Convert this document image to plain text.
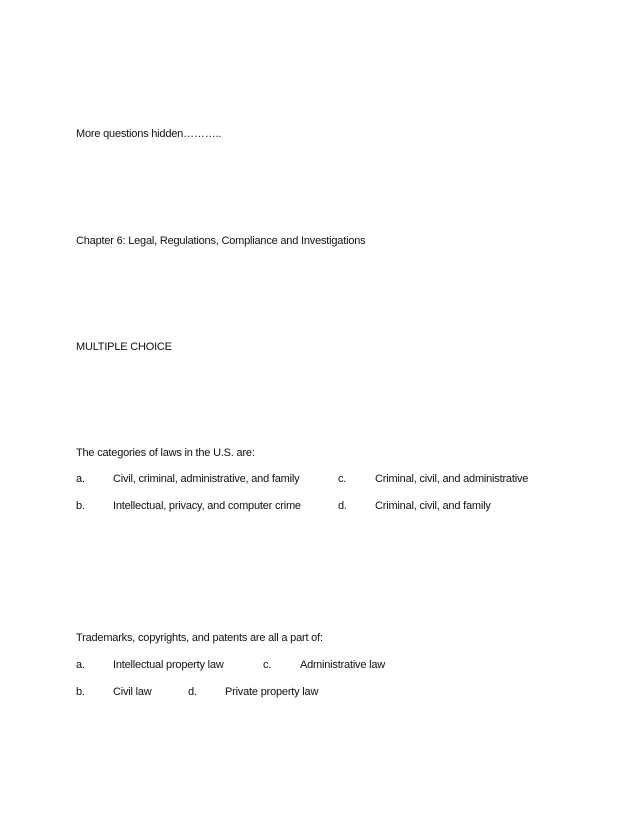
More questions hidden………..
Chapter 6: Legal, Regulations, Compliance and Investigations
MULTIPLE CHOICE
The categories of laws in the U.S. are:
a.	Civil, criminal, administrative, and family	c.	Criminal, civil, and administrative
b.	Intellectual, privacy, and computer crime	d.	Criminal, civil, and family
Trademarks, copyrights, and patents are all a part of:
a.	Intellectual property law	c.	Administrative law
b.	Civil law	d.	Private property law
